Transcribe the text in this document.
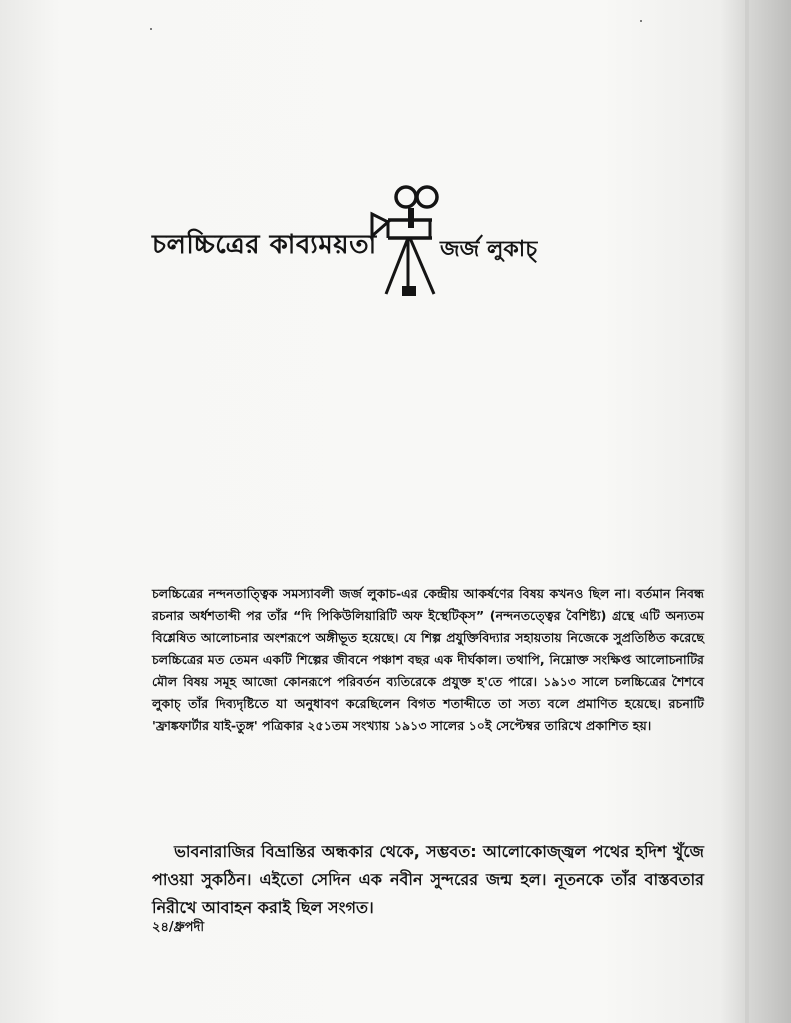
চলচ্চিত্রের কাব্যময়তা	জর্জ লুকাচ্

চলচ্চিত্রের নন্দনতাত্ত্বিক সমস্যাবলী জর্জ লুকাচ-এর কেন্দ্রীয় আকর্ষণের বিষয় কখনও ছিল না। বর্তমান নিবন্ধ রচনার অর্ধশতাব্দী পর তাঁর “দি পিকিউলিয়ারিটি অফ ইস্থেটিক্‌স” (নন্দনতত্ত্বের বৈশিষ্ট্য) গ্রন্থে এটি অন্যতম বিশ্লেষিত আলোচনার অংশরূপে অঙ্গীভূত হয়েছে। যে শিল্প প্রযুক্তিবিদ্যার সহায়তায় নিজেকে সুপ্রতিষ্ঠিত করেছে চলচ্চিত্রের মত তেমন একটি শিল্পের জীবনে পঞ্চাশ বছর এক দীর্ঘকাল। তথাপি, নিম্নোক্ত সংক্ষিপ্ত আলোচনাটির মৌল বিষয় সমূহ আজো কোনরূপে পরিবর্তন ব্যতিরেকে প্রযুক্ত হ'তে পারে। ১৯১৩ সালে চলচ্চিত্রের শৈশবে লুকাচ্ তাঁর দিব্যদৃষ্টিতে যা অনুধাবণ করেছিলেন বিগত শতাব্দীতে তা সত্য বলে প্রমাণিত হয়েছে। রচনাটি 'ফ্রাঙ্কফার্টার যাই-তুঙ্গ' পত্রিকার ২৫১তম সংখ্যায় ১৯১৩ সালের ১০ই সেপ্টেম্বর তারিখে প্রকাশিত হয়।

ভাবনারাজির বিভ্রান্তির অন্ধকার থেকে, সম্ভবত: আলোকোজ্জ্বল পথের হদিশ খুঁজে পাওয়া সুকঠিন। এইতো সেদিন এক নবীন সুন্দরের জন্ম হল। নূতনকে তাঁর বাস্তবতার নিরীখে আবাহন করাই ছিল সংগত।

২৪/ধ্রুপদী
